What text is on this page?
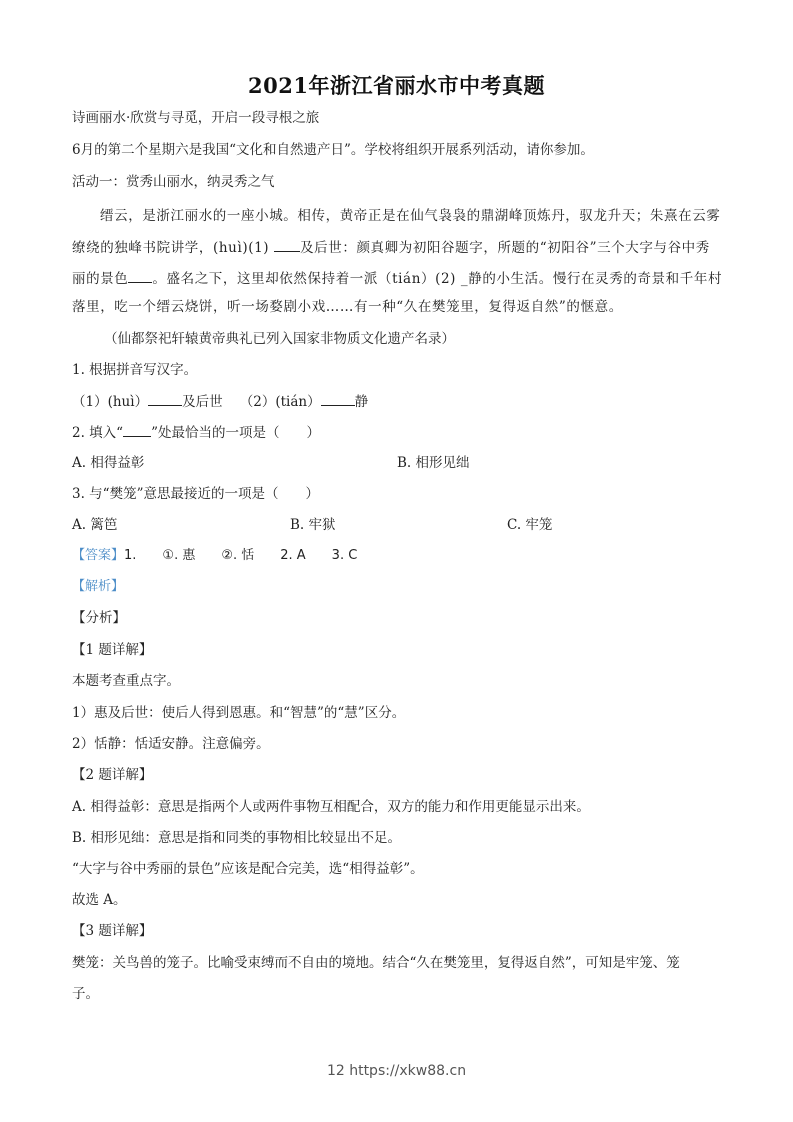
2021年浙江省丽水市中考真题
诗画丽水·欣赏与寻觅，开启一段寻根之旅
6月的第二个星期六是我国“文化和自然遗产日”。学校将组织开展系列活动，请你参加。
活动一：赏秀山丽水，纳灵秀之气
缙云，是浙江丽水的一座小城。相传，黄帝正是在仙气袅袅的鼎湖峰顶炼丹，驭龙升天；朱熹在云雾
缭绕的独峰书院讲学，(huì)(1) 及后世：颜真卿为初阳谷题字，所题的“初阳谷”三个大字与谷中秀
丽的景色 。盛名之下，这里却依然保持着一派（tián）(2) _静的小生活。慢行在灵秀的奇景和千年村
落里，吃一个缙云烧饼，听一场婺剧小戏……有一种“久在樊笼里，复得返自然”的惬意。
（仙都祭祀轩辕黄帝典礼已列入国家非物质文化遗产名录）
1. 根据拼音写汉字。
（1）(huì）	及后世 （2）(tián）	静
2. 填入“ ”处最恰当的一项是（　　）
A. 相得益彰	B. 相形见绌
3. 与“樊笼”意思最接近的一项是（　　）
A. 篱笆	B. 牢狱	C. 牢笼
【答案】1.　　①. 惠　　②. 恬　　2. A　　3. C
【解析】
【分析】
【1 题详解】
本题考查重点字。
1）惠及后世：使后人得到恩惠。和“智慧”的“慧”区分。
2）恬静：恬适安静。注意偏旁。
【2 题详解】
A. 相得益彰：意思是指两个人或两件事物互相配合，双方的能力和作用更能显示出来。
B. 相形见绌：意思是指和同类的事物相比较显出不足。
“大字与谷中秀丽的景色”应该是配合完美，选“相得益彰”。
故选 A。
【3 题详解】
樊笼：关鸟兽的笼子。比喻受束缚而不自由的境地。结合“久在樊笼里，复得返自然”，可知是牢笼、笼
子。
12 https://xkw88.cn
